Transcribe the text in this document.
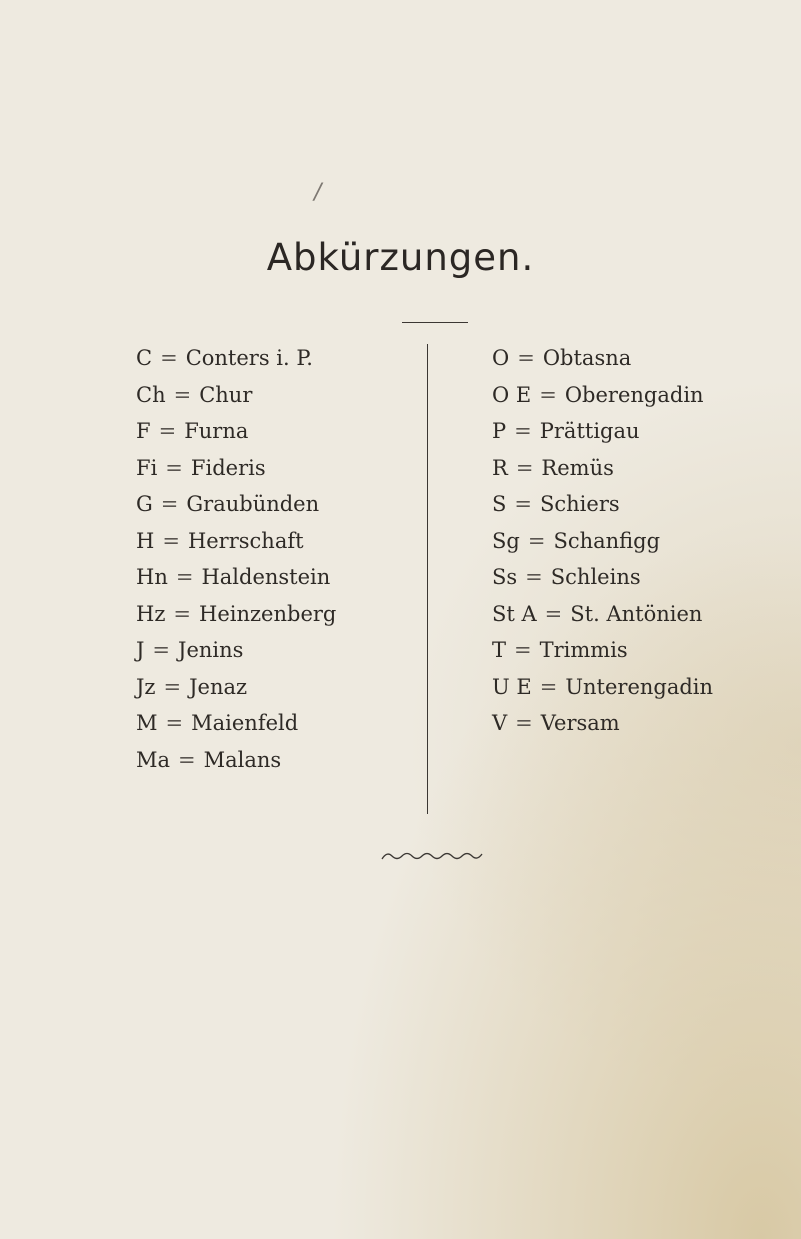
/
Abkürzungen.
C = Conters i. P.
Ch = Chur
F = Furna
Fi = Fideris
G = Graubünden
H = Herrschaft
Hn = Haldenstein
Hz = Heinzenberg
J = Jenins
Jz = Jenaz
M = Maienfeld
Ma = Malans
O = Obtasna
O E = Oberengadin
P = Prättigau
R = Remüs
S = Schiers
Sg = Schanfigg
Ss = Schleins
St A = St. Antönien
T = Trimmis
U E = Unterengadin
V = Versam
